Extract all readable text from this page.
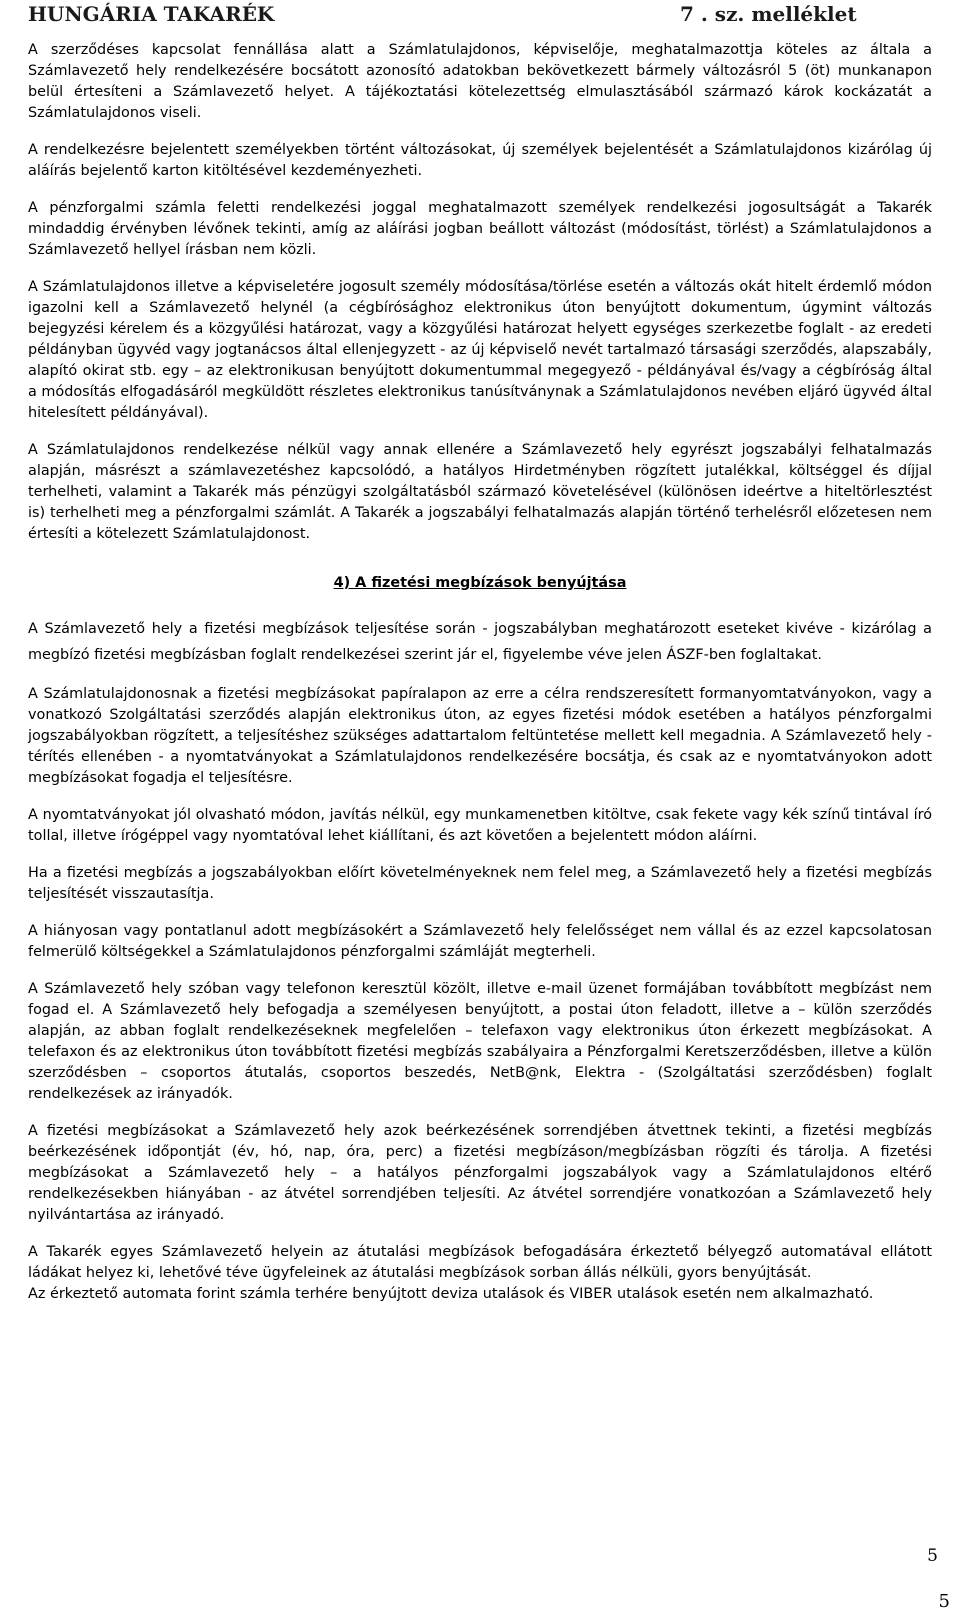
HUNGÁRIA TAKARÉK	7 . sz. melléklet

A szerződéses kapcsolat fennállása alatt a Számlatulajdonos, képviselője, meghatalmazottja köteles az általa a Számlavezető hely rendelkezésére bocsátott azonosító adatokban bekövetkezett bármely változásról 5 (öt) munkanapon belül értesíteni a Számlavezető helyet. A tájékoztatási kötelezettség elmulasztásából származó károk kockázatát a Számlatulajdonos viseli.

A rendelkezésre bejelentett személyekben történt változásokat, új személyek bejelentését a Számlatulajdonos kizárólag új aláírás bejelentő karton kitöltésével kezdeményezheti.

A pénzforgalmi számla feletti rendelkezési joggal meghatalmazott személyek rendelkezési jogosultságát a Takarék mindaddig érvényben lévőnek tekinti, amíg az aláírási jogban beállott változást (módosítást, törlést) a Számlatulajdonos a Számlavezető hellyel írásban nem közli.

A Számlatulajdonos illetve a képviseletére jogosult személy módosítása/törlése esetén a változás okát hitelt érdemlő módon igazolni kell a Számlavezető helynél (a cégbírósághoz elektronikus úton benyújtott dokumentum, úgymint változás bejegyzési kérelem és a közgyűlési határozat, vagy a közgyűlési határozat helyett egységes szerkezetbe foglalt - az eredeti példányban ügyvéd vagy jogtanácsos által ellenjegyzett - az új képviselő nevét tartalmazó társasági szerződés, alapszabály, alapító okirat stb. egy – az elektronikusan benyújtott dokumentummal megegyező - példányával és/vagy a cégbíróság által a módosítás elfogadásáról megküldött részletes elektronikus tanúsítványnak a Számlatulajdonos nevében eljáró ügyvéd által hitelesített példányával).

A Számlatulajdonos rendelkezése nélkül vagy annak ellenére a Számlavezető hely egyrészt jogszabályi felhatalmazás alapján, másrészt a számlavezetéshez kapcsolódó, a hatályos Hirdetményben rögzített jutalékkal, költséggel és díjjal terhelheti, valamint a Takarék más pénzügyi szolgáltatásból származó követelésével (különösen ideértve a hiteltörlesztést is) terhelheti meg a pénzforgalmi számlát. A Takarék a jogszabályi felhatalmazás alapján történő terhelésről előzetesen nem értesíti a kötelezett Számlatulajdonost.

4) A fizetési megbízások benyújtása

A Számlavezető hely a fizetési megbízások teljesítése során - jogszabályban meghatározott eseteket kivéve - kizárólag a megbízó fizetési megbízásban foglalt rendelkezései szerint jár el, figyelembe véve jelen ÁSZF-ben foglaltakat.

A Számlatulajdonosnak a fizetési megbízásokat papíralapon az erre a célra rendszeresített formanyomtatványokon, vagy a vonatkozó Szolgáltatási szerződés alapján elektronikus úton, az egyes fizetési módok esetében a hatályos pénzforgalmi jogszabályokban rögzített, a teljesítéshez szükséges adattartalom feltüntetése mellett kell megadnia. A Számlavezető hely - térítés ellenében - a nyomtatványokat a Számlatulajdonos rendelkezésére bocsátja, és csak az e nyomtatványokon adott megbízásokat fogadja el teljesítésre.

A nyomtatványokat jól olvasható módon, javítás nélkül, egy munkamenetben kitöltve, csak fekete vagy kék színű tintával író tollal, illetve írógéppel vagy nyomtatóval lehet kiállítani, és azt követően a bejelentett módon aláírni.

Ha a fizetési megbízás a jogszabályokban előírt követelményeknek nem felel meg, a Számlavezető hely a fizetési megbízás teljesítését visszautasítja.

A hiányosan vagy pontatlanul adott megbízásokért a Számlavezető hely felelősséget nem vállal és az ezzel kapcsolatosan felmerülő költségekkel a Számlatulajdonos pénzforgalmi számláját megterheli.

A Számlavezető hely szóban vagy telefonon keresztül közölt, illetve e-mail üzenet formájában továbbított megbízást nem fogad el. A Számlavezető hely befogadja a személyesen benyújtott, a postai úton feladott, illetve a – külön szerződés alapján, az abban foglalt rendelkezéseknek megfelelően – telefaxon vagy elektronikus úton érkezett megbízásokat. A telefaxon és az elektronikus úton továbbított fizetési megbízás szabályaira a Pénzforgalmi Keretszerződésben, illetve a külön szerződésben – csoportos átutalás, csoportos beszedés, NetB@nk, Elektra - (Szolgáltatási szerződésben) foglalt rendelkezések az irányadók.

A fizetési megbízásokat a Számlavezető hely azok beérkezésének sorrendjében átvettnek tekinti, a fizetési megbízás beérkezésének időpontját (év, hó, nap, óra, perc) a fizetési megbízáson/megbízásban rögzíti és tárolja. A fizetési megbízásokat a Számlavezető hely – a hatályos pénzforgalmi jogszabályok vagy a Számlatulajdonos eltérő rendelkezésekben hiányában - az átvétel sorrendjében teljesíti. Az átvétel sorrendjére vonatkozóan a Számlavezető hely nyilvántartása az irányadó.

A Takarék egyes Számlavezető helyein az átutalási megbízások befogadására érkeztető bélyegző automatával ellátott ládákat helyez ki, lehetővé téve ügyfeleinek az átutalási megbízások sorban állás nélküli, gyors benyújtását.

Az érkeztető automata forint számla terhére benyújtott deviza utalások és VIBER utalások esetén nem alkalmazható.

5
5
